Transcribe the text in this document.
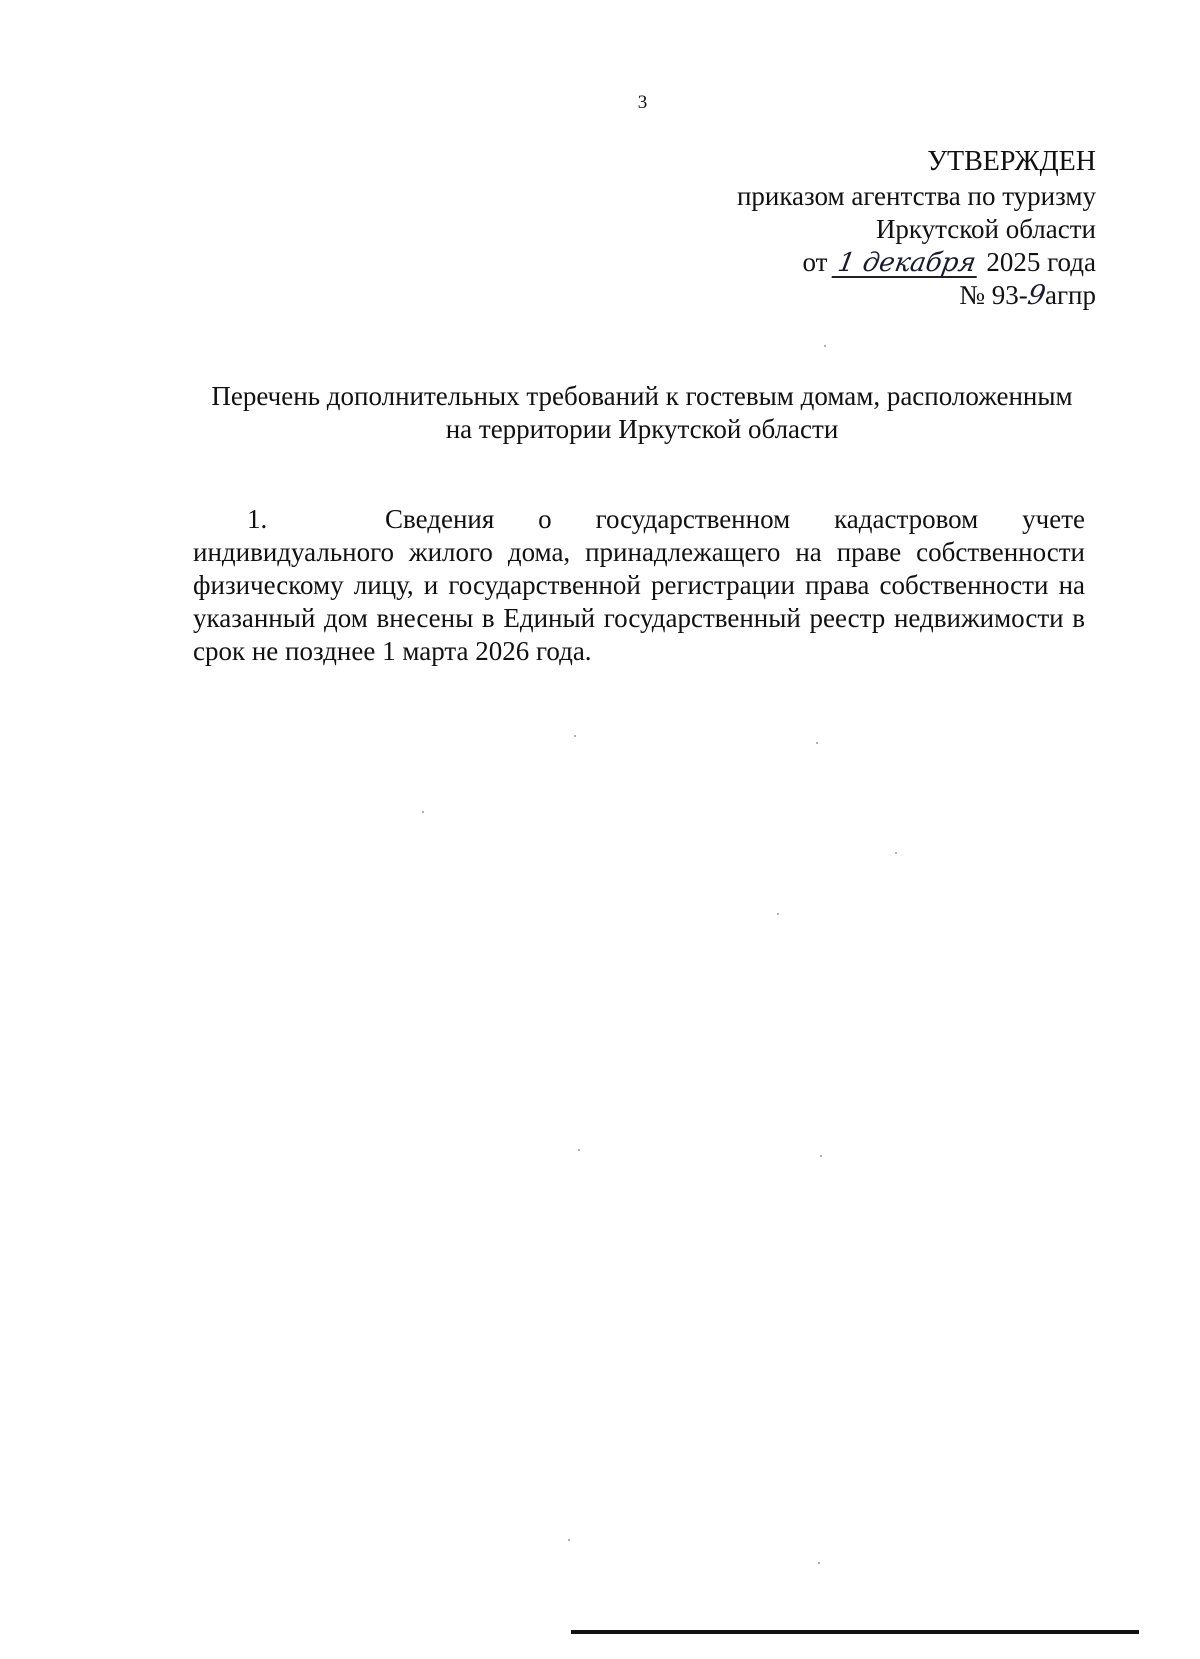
3
УТВЕРЖДЕН
приказом агентства по туризму
Иркутской области
от 1 декабря 2025 года
№ 93-9агпр
Перечень дополнительных требований к гостевым домам, расположенным
на территории Иркутской области
1.	Сведения о государственном кадастровом учете индивидуального жилого дома, принадлежащего на праве собственности физическому лицу, и государственной регистрации права собственности на указанный дом внесены в Единый государственный реестр недвижимости в срок не позднее 1 марта 2026 года.
